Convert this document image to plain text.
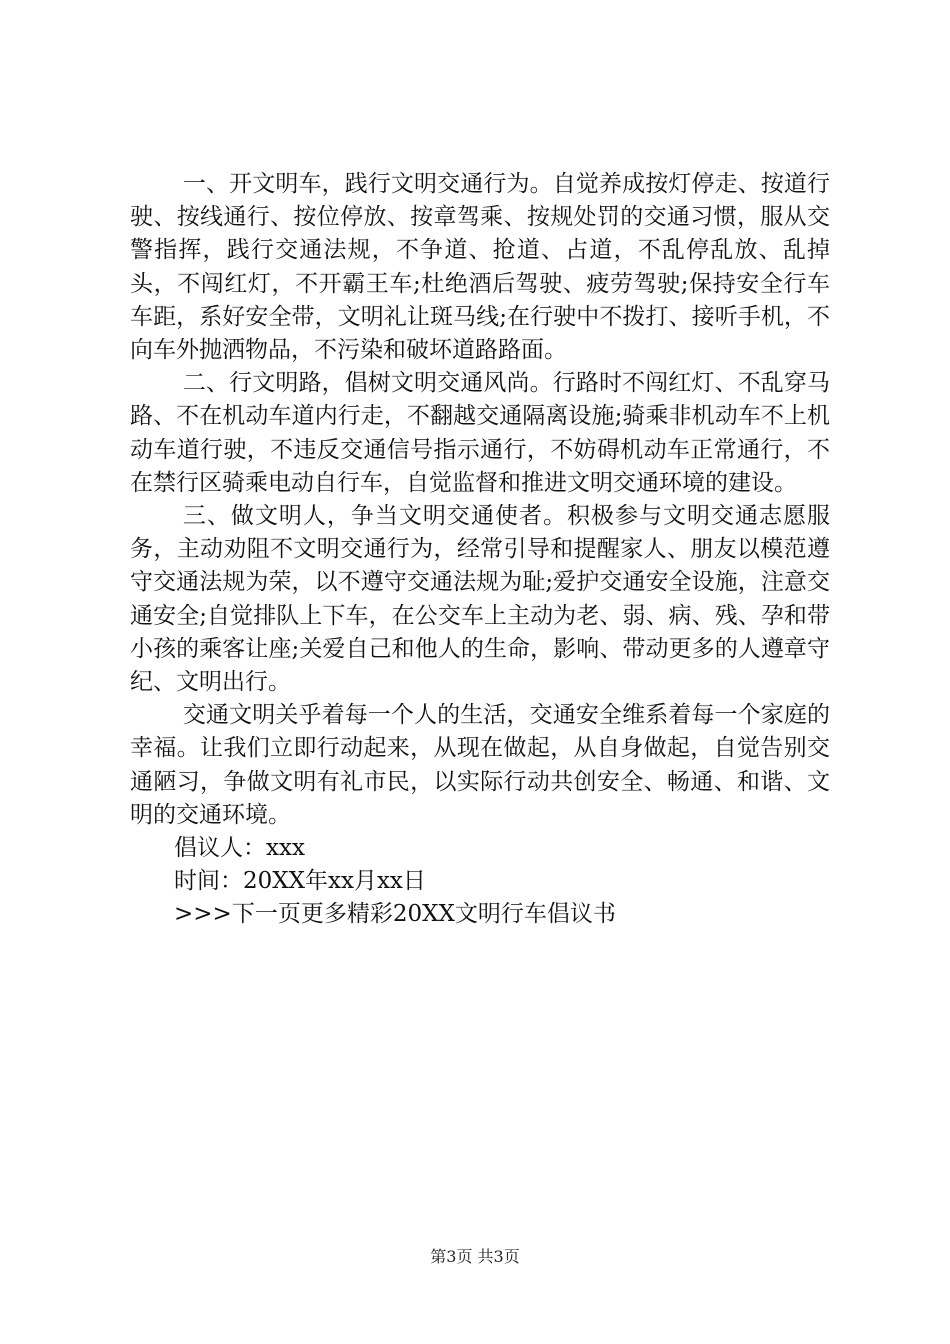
一、开文明车，践行文明交通行为。自觉养成按灯停走、按道行驶、按线通行、按位停放、按章驾乘、按规处罚的交通习惯，服从交警指挥，践行交通法规，不争道、抢道、占道，不乱停乱放、乱掉头，不闯红灯，不开霸王车;杜绝酒后驾驶、疲劳驾驶;保持安全行车车距，系好安全带，文明礼让斑马线;在行驶中不拨打、接听手机，不向车外抛洒物品，不污染和破坏道路路面。

二、行文明路，倡树文明交通风尚。行路时不闯红灯、不乱穿马路、不在机动车道内行走，不翻越交通隔离设施;骑乘非机动车不上机动车道行驶，不违反交通信号指示通行，不妨碍机动车正常通行，不在禁行区骑乘电动自行车，自觉监督和推进文明交通环境的建设。

三、做文明人，争当文明交通使者。积极参与文明交通志愿服务，主动劝阻不文明交通行为，经常引导和提醒家人、朋友以模范遵守交通法规为荣，以不遵守交通法规为耻;爱护交通安全设施，注意交通安全;自觉排队上下车，在公交车上主动为老、弱、病、残、孕和带小孩的乘客让座;关爱自己和他人的生命，影响、带动更多的人遵章守纪、文明出行。

交通文明关乎着每一个人的生活，交通安全维系着每一个家庭的幸福。让我们立即行动起来，从现在做起，从自身做起，自觉告别交通陋习，争做文明有礼市民，以实际行动共创安全、畅通、和谐、文明的交通环境。

倡议人：xxx

时间：20XX年xx月xx日

>>>下一页更多精彩20XX文明行车倡议书

第3页 共3页
